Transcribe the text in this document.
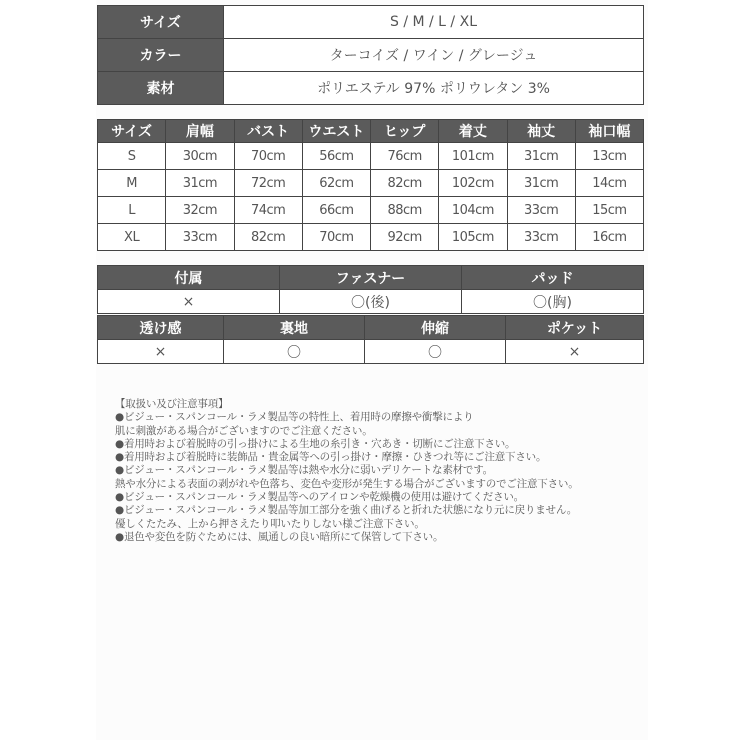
サイズ	S / M / L / XL
カラー	ターコイズ / ワイン / グレージュ
素材	ポリエステル 97% ポリウレタン 3%
サイズ	肩幅	バスト	ウエスト	ヒップ	着丈	袖丈	袖口幅
S	30cm	70cm	56cm	76cm	101cm	31cm	13cm
M	31cm	72cm	62cm	82cm	102cm	31cm	14cm
L	32cm	74cm	66cm	88cm	104cm	33cm	15cm
XL	33cm	82cm	70cm	92cm	105cm	33cm	16cm
付属	ファスナー	パッド
×	〇(後)	〇(胸)
透け感	裏地	伸縮	ポケット
×	〇	〇	×
【取扱い及び注意事項】
●ビジュー・スパンコール・ラメ製品等の特性上、着用時の摩擦や衝撃により
肌に刺激がある場合がございますのでご注意ください。
●着用時および着脱時の引っ掛けによる生地の糸引き・穴あき・切断にご注意下さい。
●着用時および着脱時に装飾品・貴金属等への引っ掛け・摩擦・ひきつれ等にご注意下さい。
●ビジュー・スパンコール・ラメ製品等は熱や水分に弱いデリケートな素材です。
熱や水分による表面の剥がれや色落ち、変色や変形が発生する場合がございますのでご注意下さい。
●ビジュー・スパンコール・ラメ製品等へのアイロンや乾燥機の使用は避けてください。
●ビジュー・スパンコール・ラメ製品等加工部分を強く曲げると折れた状態になり元に戻りません。
優しくたたみ、上から押さえたり叩いたりしない様ご注意下さい。
●退色や変色を防ぐためには、風通しの良い暗所にて保管して下さい。
